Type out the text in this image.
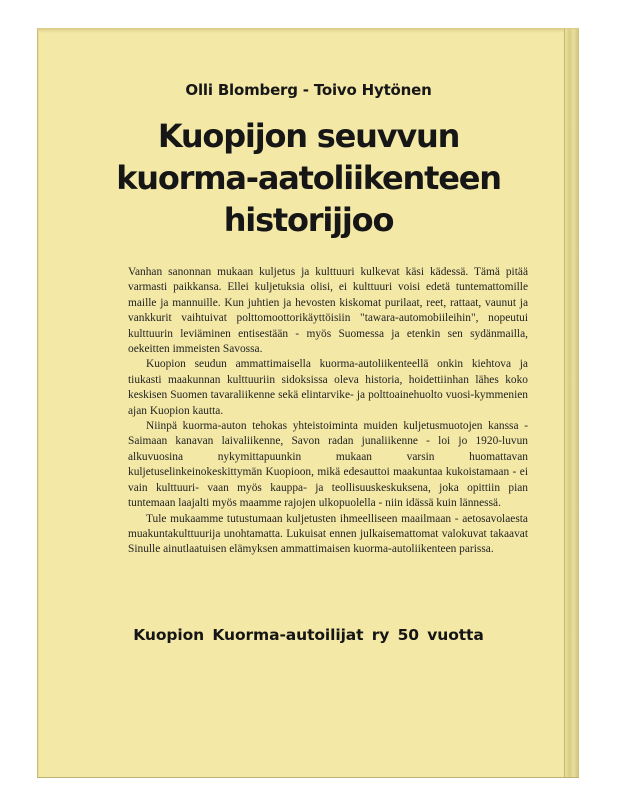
Olli Blomberg - Toivo Hytönen
Kuopijon seuvvun
kuorma-aatoliikenteen
historijjoo

Vanhan sanonnan mukaan kuljetus ja kulttuuri kulkevat käsi kädessä. Tämä pitää varmasti paikkansa. Ellei kuljetuksia olisi, ei kulttuuri voisi edetä tuntemattomille maille ja mannuille. Kun juhtien ja hevosten kiskomat purilaat, reet, rattaat, vaunut ja vankkurit vaihtuivat polttomoottorikäyttöisiin "tawara-automobiileihin", nopeutui kulttuurin leviäminen entisestään - myös Suomessa ja etenkin sen sydänmailla, oekeitten immeisten Savossa.

Kuopion seudun ammattimaisella kuorma-autoliikenteellä onkin kiehtova ja tiukasti maakunnan kulttuuriin sidoksissa oleva historia, hoidettiinhan lähes koko keskisen Suomen tavaraliikenne sekä elintarvike- ja polttoainehuolto vuosi-kymmenien ajan Kuopion kautta.

Niinpä kuorma-auton tehokas yhteistoiminta muiden kuljetusmuotojen kanssa - Saimaan kanavan laivaliikenne, Savon radan junaliikenne - loi jo 1920-luvun alkuvuosina nykymittapuunkin mukaan varsin huomattavan kuljetuselinkeinokeskittymän Kuopioon, mikä edesauttoi maakuntaa kukoistamaan - ei vain kulttuuri- vaan myös kauppa- ja teollisuuskeskuksena, joka opittiin pian tuntemaan laajalti myös maamme rajojen ulkopuolella - niin idässä kuin lännessä.

Tule mukaamme tutustumaan kuljetusten ihmeelliseen maailmaan - aetosavolaesta muakuntakulttuurija unohtamatta. Lukuisat ennen julkaisemattomat valokuvat takaavat Sinulle ainutlaatuisen elämyksen ammattimaisen kuorma-autoliikenteen parissa.

Kuopion Kuorma-autoilijat ry 50 vuotta
